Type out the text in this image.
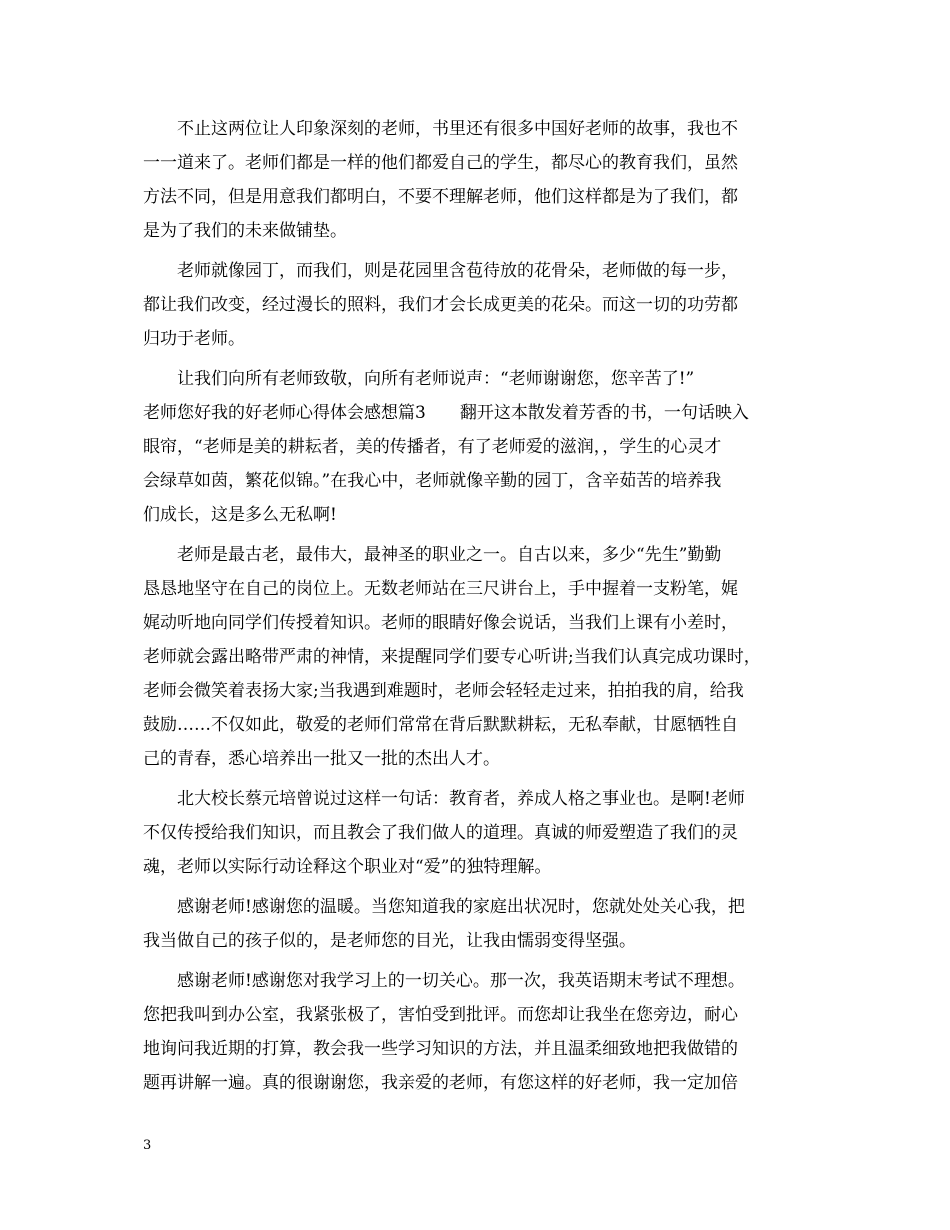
　　不止这两位让人印象深刻的老师，书里还有很多中国好老师的故事，我也不

一一道来了。老师们都是一样的他们都爱自己的学生，都尽心的教育我们，虽然

方法不同，但是用意我们都明白，不要不理解老师，他们这样都是为了我们，都

是为了我们的未来做铺垫。

　　老师就像园丁，而我们，则是花园里含苞待放的花骨朵，老师做的每一步，

都让我们改变，经过漫长的照料，我们才会长成更美的花朵。而这一切的功劳都

归功于老师。

　　让我们向所有老师致敬，向所有老师说声：“老师谢谢您，您辛苦了!”

老师您好我的好老师心得体会感想篇3　　翻开这本散发着芳香的书，一句话映入

眼帘，“老师是美的耕耘者，美的传播者，有了老师爱的滋润，，学生的心灵才

会绿草如茵，繁花似锦。”在我心中，老师就像辛勤的园丁，含辛茹苦的培养我

们成长，这是多么无私啊!

　　老师是最古老，最伟大，最神圣的职业之一。自古以来，多少“先生”勤勤

恳恳地坚守在自己的岗位上。无数老师站在三尺讲台上，手中握着一支粉笔，娓

娓动听地向同学们传授着知识。老师的眼睛好像会说话，当我们上课有小差时，

老师就会露出略带严肃的神情，来提醒同学们要专心听讲;当我们认真完成功课时，

老师会微笑着表扬大家;当我遇到难题时，老师会轻轻走过来，拍拍我的肩，给我

鼓励……不仅如此，敬爱的老师们常常在背后默默耕耘，无私奉献，甘愿牺牲自

己的青春，悉心培养出一批又一批的杰出人才。

　　北大校长蔡元培曾说过这样一句话：教育者，养成人格之事业也。是啊!老师

不仅传授给我们知识，而且教会了我们做人的道理。真诚的师爱塑造了我们的灵

魂，老师以实际行动诠释这个职业对“爱”的独特理解。

　　感谢老师!感谢您的温暖。当您知道我的家庭出状况时，您就处处关心我，把

我当做自己的孩子似的，是老师您的目光，让我由懦弱变得坚强。

　　感谢老师!感谢您对我学习上的一切关心。那一次，我英语期末考试不理想。

您把我叫到办公室，我紧张极了，害怕受到批评。而您却让我坐在您旁边，耐心

地询问我近期的打算，教会我一些学习知识的方法，并且温柔细致地把我做错的

题再讲解一遍。真的很谢谢您，我亲爱的老师，有您这样的好老师，我一定加倍

3
